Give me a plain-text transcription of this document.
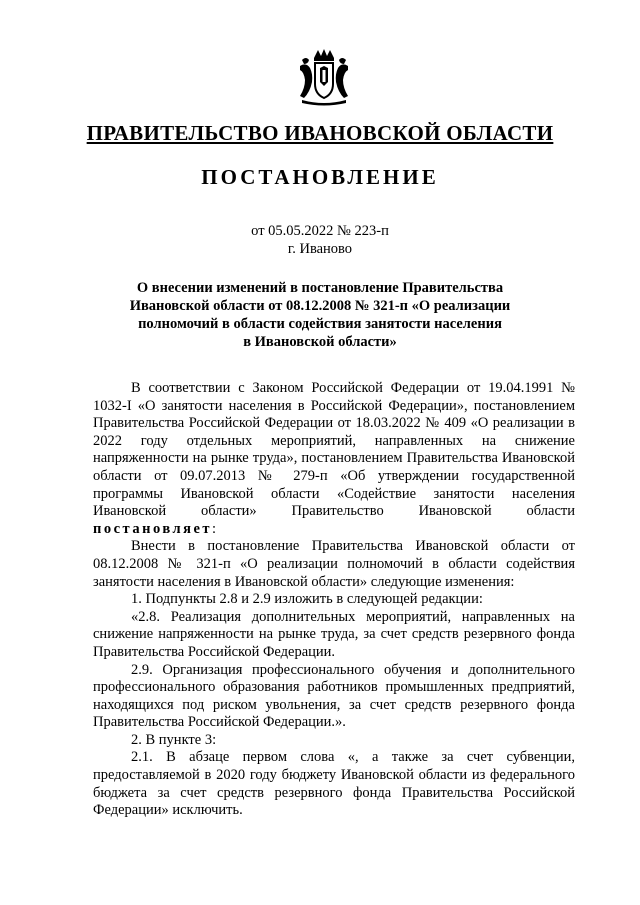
ПРАВИТЕЛЬСТВО ИВАНОВСКОЙ ОБЛАСТИ
ПОСТАНОВЛЕНИЕ
от 05.05.2022 № 223-п
г. Иваново
О внесении изменений в постановление Правительства
Ивановской области от 08.12.2008 № 321-п «О реализации
полномочий в области содействия занятости населения
в Ивановской области»

В соответствии с Законом Российской Федерации от 19.04.1991 № 1032-I «О занятости населения в Российской Федерации», постановлением Правительства Российской Федерации от 18.03.2022 № 409 «О реализации в 2022 году отдельных мероприятий, направленных на снижение напряженности на рынке труда», постановлением Правительства Ивановской области от 09.07.2013 № 279-п «Об утверждении государственной программы Ивановской области «Содействие занятости населения Ивановской области» Правительство Ивановской области постановляет:

Внести в постановление Правительства Ивановской области от 08.12.2008 № 321-п «О реализации полномочий в области содействия занятости населения в Ивановской области» следующие изменения:

1. Подпункты 2.8 и 2.9 изложить в следующей редакции:

«2.8. Реализация дополнительных мероприятий, направленных на снижение напряженности на рынке труда, за счет средств резервного фонда Правительства Российской Федерации.

2.9. Организация профессионального обучения и дополнительного профессионального образования работников промышленных предприятий, находящихся под риском увольнения, за счет средств резервного фонда Правительства Российской Федерации.».

2. В пункте 3:

2.1. В абзаце первом слова «, а также за счет субвенции, предоставляемой в 2020 году бюджету Ивановской области из федерального бюджета за счет средств резервного фонда Правительства Российской Федерации» исключить.
